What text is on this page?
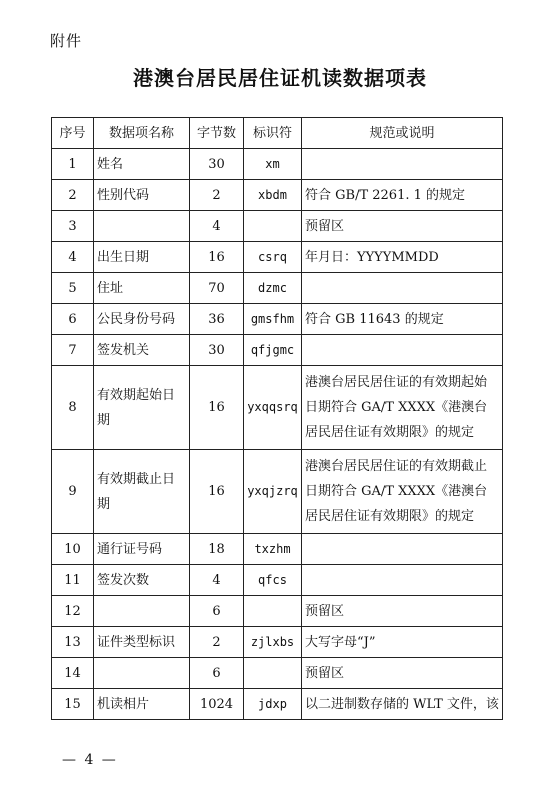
附件
港澳台居民居住证机读数据项表
序号	数据项名称	字节数	标识符	规范或说明
1	姓名	30	xm	
2	性别代码	2	xbdm	符合 GB/T 2261. 1 的规定
3		4		预留区
4	出生日期	16	csrq	年月日：YYYYMMDD
5	住址	70	dzmc	
6	公民身份号码	36	gmsfhm	符合 GB 11643 的规定
7	签发机关	30	qfjgmc	
8	有效期起始日期	16	yxqqsrq	港澳台居民居住证的有效期起始日期符合 GA/T XXXX《港澳台居民居住证有效期限》的规定
9	有效期截止日期	16	yxqjzrq	港澳台居民居住证的有效期截止日期符合 GA/T XXXX《港澳台居民居住证有效期限》的规定
10	通行证号码	18	txzhm	
11	签发次数	4	qfcs	
12		6		预留区
13	证件类型标识	2	zjlxbs	大写字母“J”
14		6		预留区
15	机读相片	1024	jdxp	以二进制数存储的 WLT 文件，该
— 4 —
